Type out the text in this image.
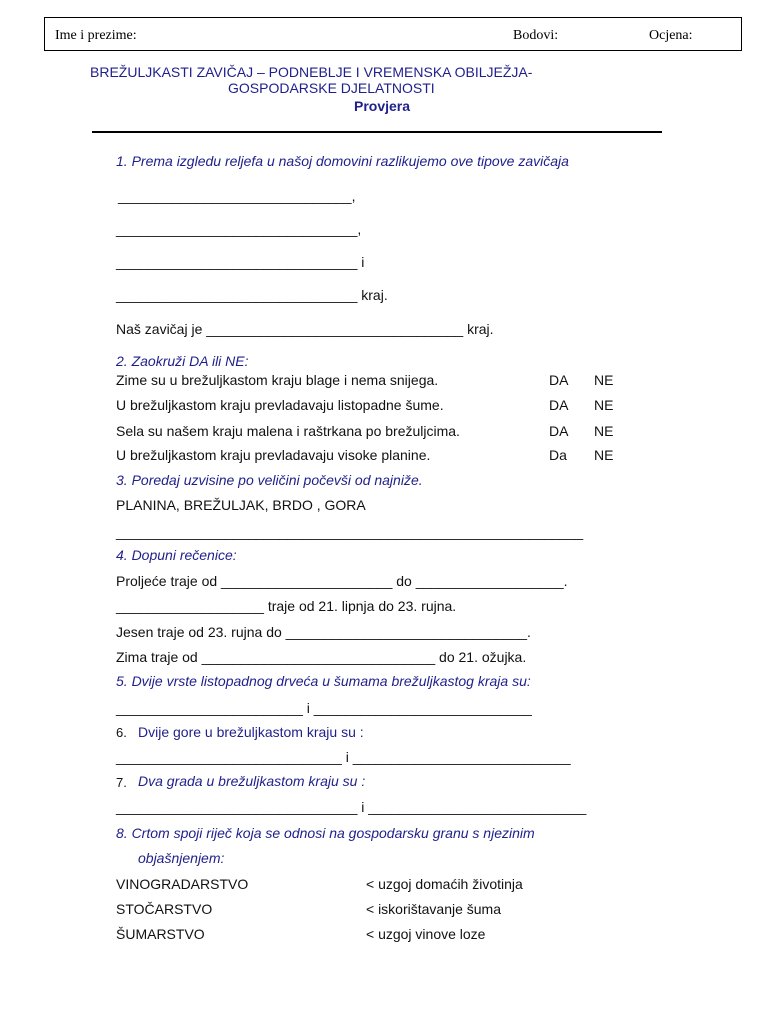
Ime i prezime:	Bodovi:	Ocjena:
BREŽULJKASTI ZAVIČAJ – PODNEBLJE I VREMENSKA OBILJEŽJA-
GOSPODARSKE DJELATNOSTI
Provjera
1. Prema izgledu reljefa u našoj domovini razlikujemo ove tipove zavičaja
______________________________,
_______________________________,
_______________________________ i
_______________________________ kraj.
Naš zavičaj je _________________________________ kraj.
2. Zaokruži DA ili NE:
Zime su u brežuljkastom kraju blage i nema snijega.	DA NE
U brežuljkastom kraju prevladavaju listopadne šume.	DA NE
Sela su našem kraju malena i raštrkana po brežuljcima.	DA NE
U brežuljkastom kraju prevladavaju visoke planine.	Da NE
3. Poredaj uzvisine po veličini počevši od najniže.
PLANINA, BREŽULJAK, BRDO , GORA
____________________________________________________________
4. Dopuni rečenice:
Proljeće traje od ______________________ do ___________________.
___________________ traje od 21. lipnja do 23. rujna.
Jesen traje od 23. rujna do _______________________________.
Zima traje od ______________________________ do 21. ožujka.
5. Dvije vrste listopadnog drveća u šumama brežuljkastog kraja su:
________________________ i ____________________________
6. Dvije gore u brežuljkastom kraju su :
_____________________________ i ____________________________
7. Dva grada u brežuljkastom kraju su :
_______________________________ i ____________________________
8. Crtom spoji riječ koja se odnosi na gospodarsku granu s njezinim
objašnjenjem:
VINOGRADARSTVO	< uzgoj domaćih životinja
STOČARSTVO	< iskorištavanje šuma
ŠUMARSTVO	< uzgoj vinove loze
